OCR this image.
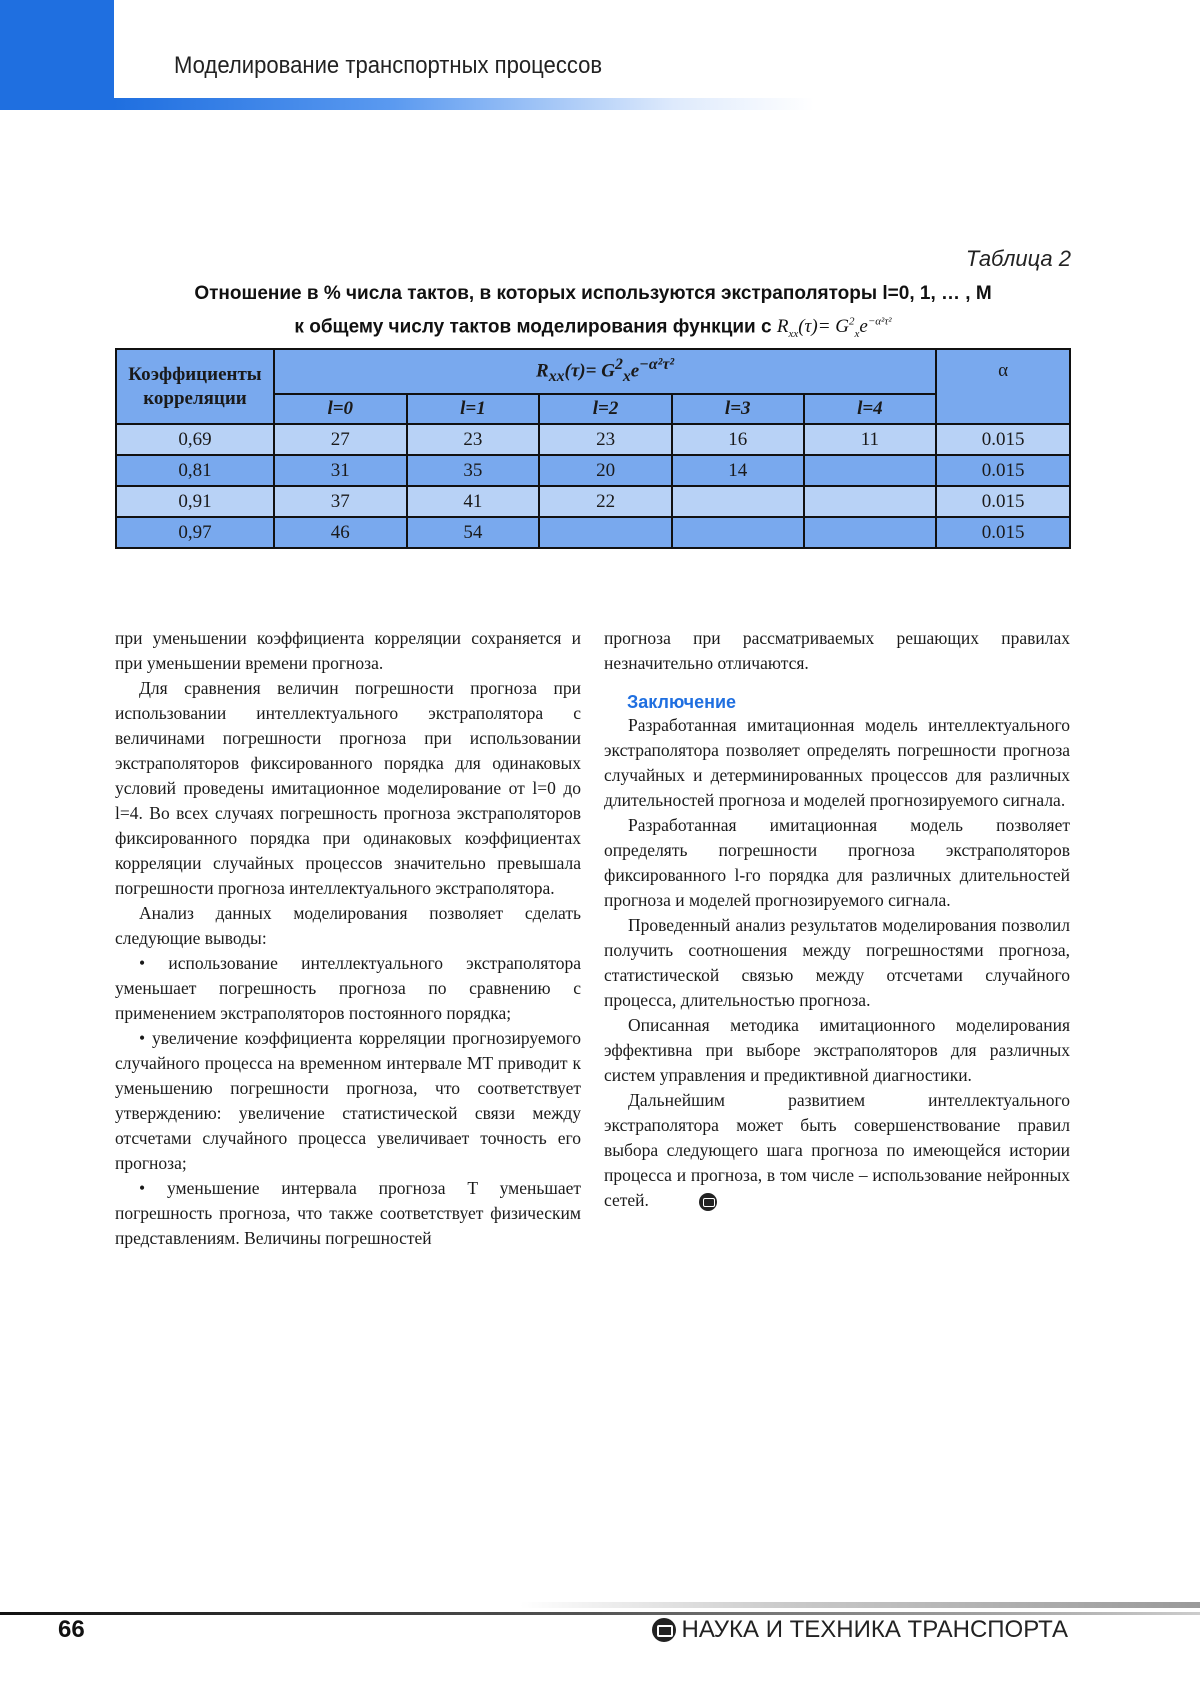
Моделирование транспортных процессов
Таблица 2
Отношение в % числа тактов, в которых используются экстраполяторы l=0, 1, … , M
к общему числу тактов моделирования функции с $R_{xx}(\tau)= G^2_xe^{-\alpha^2\tau^2}$
Коэффициенты корреляции	$R_{xx}(\tau)= G^2_xe^{-\alpha^2\tau^2}$					α
	l=0	l=1	l=2	l=3	l=4	
0,69	27	23	23	16	11	0.015
0,81	31	35	20	14		0.015
0,91	37	41	22			0.015
0,97	46	54				0.015

при уменьшении коэффициента корреляции сохраняется и при уменьшении времени прогноза.

Для сравнения величин погрешности прогноза при использовании интеллектуального экстраполятора с величинами погрешности прогноза при использовании экстраполяторов фиксированного порядка для одинаковых условий проведены имитационное моделирование от l=0 до l=4. Во всех случаях погрешность прогноза экстраполяторов фиксированного порядка при одинаковых коэффициентах корреляции случайных процессов значительно превышала погрешности прогноза интеллектуального экстраполятора.

Анализ данных моделирования позволяет сделать следующие выводы:

• использование интеллектуального экстраполятора уменьшает погрешность прогноза по сравнению с применением экстраполяторов постоянного порядка;

• увеличение коэффициента корреляции прогнозируемого случайного процесса на временном интервале MT приводит к уменьшению погрешности прогноза, что соответствует утверждению: увеличение статистической связи между отсчетами случайного процесса увеличивает точность его прогноза;

• уменьшение интервала прогноза T уменьшает погрешность прогноза, что также соответствует физическим представлениям. Величины погрешностей

прогноза при рассматриваемых решающих правилах незначительно отличаются.

Заключение

Разработанная имитационная модель интеллектуального экстраполятора позволяет определять погрешности прогноза случайных и детерминированных процессов для различных длительностей прогноза и моделей прогнозируемого сигнала.

Разработанная имитационная модель позволяет определять погрешности прогноза экстраполяторов фиксированного l-го порядка для различных длительностей прогноза и моделей прогнозируемого сигнала.

Проведенный анализ результатов моделирования позволил получить соотношения между погрешностями прогноза, статистической связью между отсчетами случайного процесса, длительностью прогноза.

Описанная методика имитационного моделирования эффективна при выборе экстраполяторов для различных систем управления и предиктивной диагностики.

Дальнейшим развитием интеллектуального экстраполятора может быть совершенствование правил выбора следующего шага прогноза по имеющейся истории процесса и прогноза, в том числе – использование нейронных сетей.

66	НАУКА И ТЕХНИКА ТРАНСПОРТА
